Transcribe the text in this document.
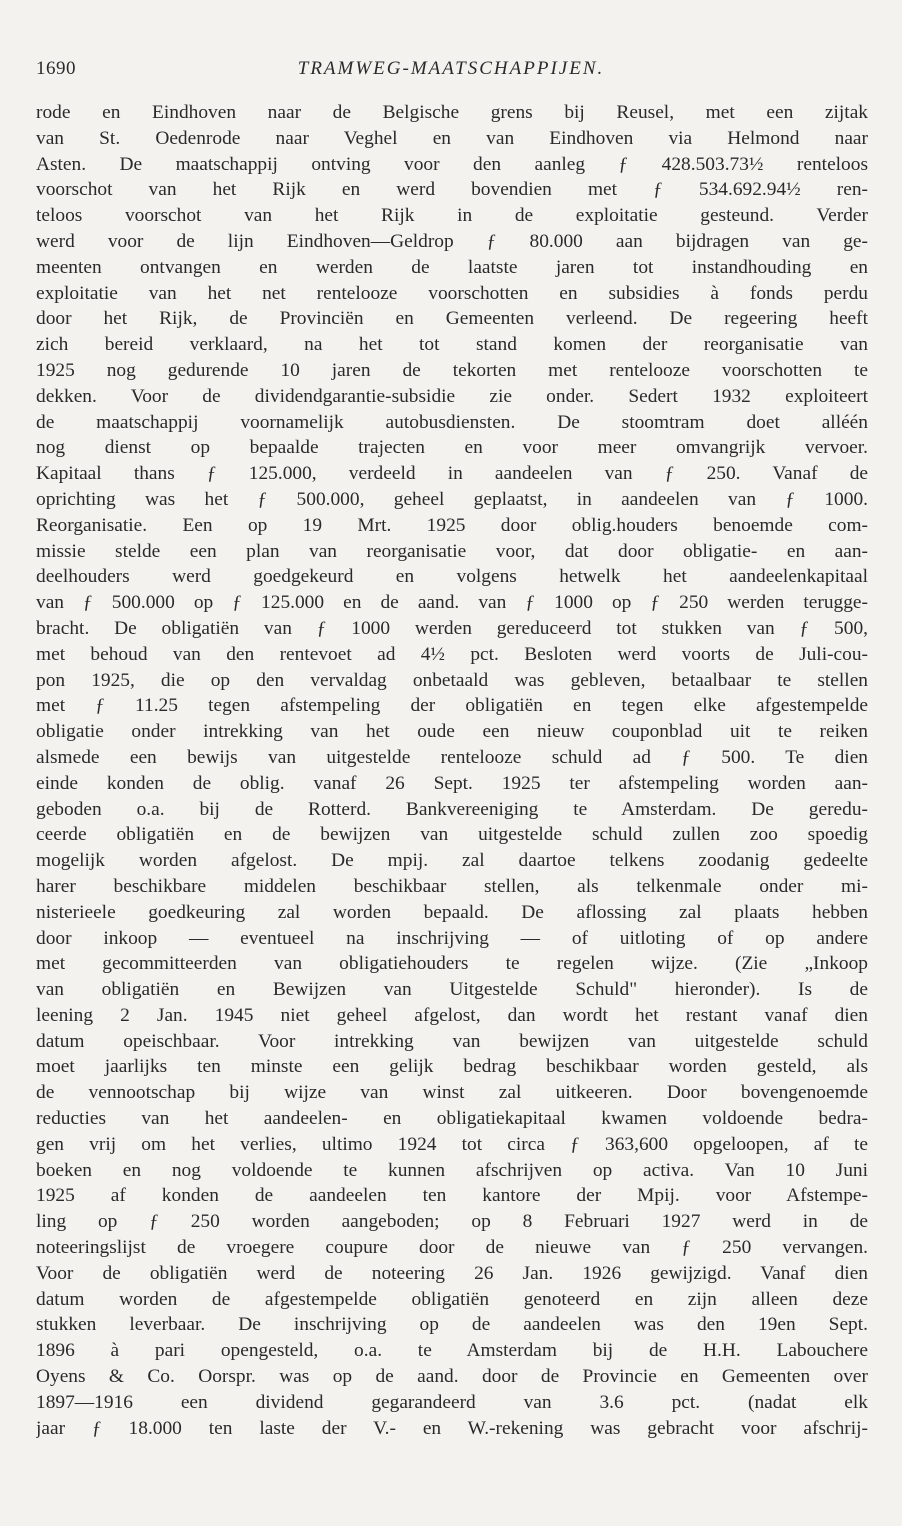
1690	TRAMWEG-MAATSCHAPPIJEN.
rode en Eindhoven naar de Belgische grens bij Reusel, met een zijtak
van St. Oedenrode naar Veghel en van Eindhoven via Helmond naar
Asten. De maatschappij ontving voor den aanleg ƒ 428.503.73½ renteloos
voorschot van het Rijk en werd bovendien met ƒ 534.692.94½ ren-
teloos voorschot van het Rijk in de exploitatie gesteund. Verder
werd voor de lijn Eindhoven—Geldrop ƒ 80.000 aan bijdragen van ge-
meenten ontvangen en werden de laatste jaren tot instandhouding en
exploitatie van het net rentelooze voorschotten en subsidies à fonds perdu
door het Rijk, de Provinciën en Gemeenten verleend. De regeering heeft
zich bereid verklaard, na het tot stand komen der reorganisatie van
1925 nog gedurende 10 jaren de tekorten met rentelooze voorschotten te
dekken. Voor de dividendgarantie-subsidie zie onder. Sedert 1932 exploiteert
de maatschappij voornamelijk autobusdiensten. De stoomtram doet alléén
nog dienst op bepaalde trajecten en voor meer omvangrijk vervoer.
Kapitaal thans ƒ 125.000, verdeeld in aandeelen van ƒ 250. Vanaf de
oprichting was het ƒ 500.000, geheel geplaatst, in aandeelen van ƒ 1000.
Reorganisatie. Een op 19 Mrt. 1925 door oblig.houders benoemde com-
missie stelde een plan van reorganisatie voor, dat door obligatie- en aan-
deelhouders werd goedgekeurd en volgens hetwelk het aandeelenkapitaal
van ƒ 500.000 op ƒ 125.000 en de aand. van ƒ 1000 op ƒ 250 werden terugge-
bracht. De obligatiën van ƒ 1000 werden gereduceerd tot stukken van ƒ 500,
met behoud van den rentevoet ad 4½ pct. Besloten werd voorts de Juli-cou-
pon 1925, die op den vervaldag onbetaald was gebleven, betaalbaar te stellen
met ƒ 11.25 tegen afstempeling der obligatiën en tegen elke afgestempelde
obligatie onder intrekking van het oude een nieuw couponblad uit te reiken
alsmede een bewijs van uitgestelde rentelooze schuld ad ƒ 500. Te dien
einde konden de oblig. vanaf 26 Sept. 1925 ter afstempeling worden aan-
geboden o.a. bij de Rotterd. Bankvereeniging te Amsterdam. De geredu-
ceerde obligatiën en de bewijzen van uitgestelde schuld zullen zoo spoedig
mogelijk worden afgelost. De mpij. zal daartoe telkens zoodanig gedeelte
harer beschikbare middelen beschikbaar stellen, als telkenmale onder mi-
nisterieele goedkeuring zal worden bepaald. De aflossing zal plaats hebben
door inkoop — eventueel na inschrijving — of uitloting of op andere
met gecommitteerden van obligatiehouders te regelen wijze. (Zie „Inkoop
van obligatiën en Bewijzen van Uitgestelde Schuld" hieronder). Is de
leening 2 Jan. 1945 niet geheel afgelost, dan wordt het restant vanaf dien
datum opeischbaar. Voor intrekking van bewijzen van uitgestelde schuld
moet jaarlijks ten minste een gelijk bedrag beschikbaar worden gesteld, als
de vennootschap bij wijze van winst zal uitkeeren. Door bovengenoemde
reducties van het aandeelen- en obligatiekapitaal kwamen voldoende bedra-
gen vrij om het verlies, ultimo 1924 tot circa ƒ 363,600 opgeloopen, af te
boeken en nog voldoende te kunnen afschrijven op activa. Van 10 Juni
1925 af konden de aandeelen ten kantore der Mpij. voor Afstempe-
ling op ƒ 250 worden aangeboden; op 8 Februari 1927 werd in de
noteeringslijst de vroegere coupure door de nieuwe van ƒ 250 vervangen.
Voor de obligatiën werd de noteering 26 Jan. 1926 gewijzigd. Vanaf dien
datum worden de afgestempelde obligatiën genoteerd en zijn alleen deze
stukken leverbaar. De inschrijving op de aandeelen was den 19en Sept.
1896 à pari opengesteld, o.a. te Amsterdam bij de H.H. Labouchere
Oyens & Co. Oorspr. was op de aand. door de Provincie en Gemeenten over
1897—1916 een dividend gegarandeerd van 3.6 pct. (nadat elk
jaar ƒ 18.000 ten laste der V.- en W.-rekening was gebracht voor afschrij-
